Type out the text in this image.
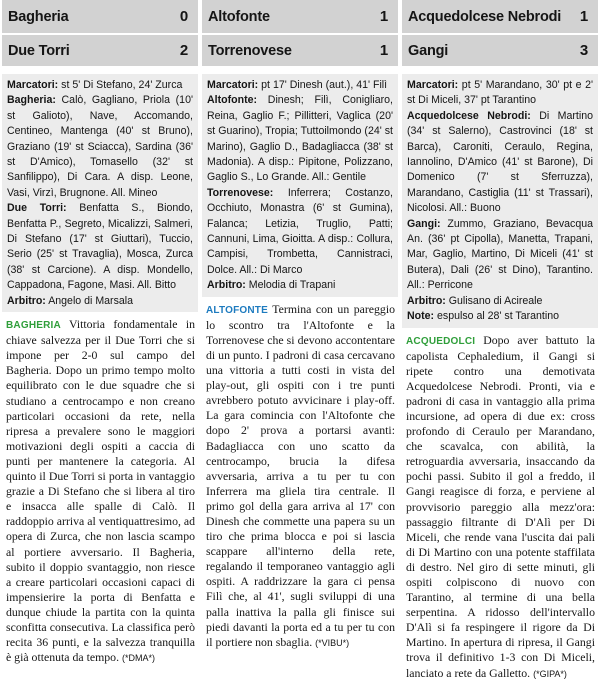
Bagheria	0
Due Torri	2

Marcatori: st 5' Di Stefano, 24' Zurca

Bagheria: Calò, Gagliano, Priola (10' st Galioto), Nave, Accomando, Centineo, Mantenga (40' st Bruno), Graziano (19' st Sciacca), Sardina (36' st D'Amico), Tomasello (32' st Sanfilippo), Di Cara. A disp. Leone, Vasi, Virzì, Brugnone. All. Mineo

Due Torri: Benfatta S., Biondo, Benfatta P., Segreto, Micalizzi, Salmeri, Di Stefano (17' st Giuttari), Tuccio, Serio (25' st Travaglia), Mosca, Zurca (38' st Carcione). A disp. Mondello, Cappadona, Fagone, Masi. All. Bitto

Arbitro: Angelo di Marsala

BAGHERIA Vittoria fondamentale in chiave salvezza per il Due Torri che si impone per 2-0 sul campo del Bagheria. Dopo un primo tempo molto equilibrato con le due squadre che si studiano a centrocampo e non creano particolari occasioni da rete, nella ripresa a prevalere sono le maggiori motivazioni degli ospiti a caccia di punti per mantenere la categoria. Al quinto il Due Torri si porta in vantaggio grazie a Di Stefano che si libera al tiro e insacca alle spalle di Calò. Il raddoppio arriva al ventiquattresimo, ad opera di Zurca, che non lascia scampo al portiere avversario. Il Bagheria, subito il doppio svantaggio, non riesce a creare particolari occasioni capaci di impensierire la porta di Benfatta e dunque chiude la partita con la quinta sconfitta consecutiva. La classifica però recita 36 punti, e la salvezza tranquilla è già ottenuta da tempo. (*DMA*)
Altofonte	1
Torrenovese	1

Marcatori: pt 17' Dinesh (aut.), 41' Filì

Altofonte: Dinesh; Filì, Conigliaro, Reina, Gaglio F.; Pillitteri, Vaglica (20' st Guarino), Tropia; Tuttoilmondo (24' st Marino), Gaglio D., Badagliacca (38' st Madonia). A disp.: Pipitone, Polizzano, Gaglio S., Lo Grande. All.: Gentile

Torrenovese: Inferrera; Costanzo, Occhiuto, Monastra (6' st Gumina), Falanca; Letizia, Truglio, Patti; Cannuni, Lima, Gioitta. A disp.: Collura, Campisi, Trombetta, Cannistraci, Dolce. All.: Di Marco

Arbitro: Melodia di Trapani

ALTOFONTE Termina con un pareggio lo scontro tra l'Altofonte e la Torrenovese che si devono accontentare di un punto. I padroni di casa cercavano una vittoria a tutti costi in vista del play-out, gli ospiti con i tre punti avrebbero potuto avvicinare i play-off. La gara comincia con l'Altofonte che dopo 2' prova a portarsi avanti: Badagliacca con uno scatto da centrocampo, brucia la difesa avversaria, arriva a tu per tu con Inferrera ma gliela tira centrale. Il primo gol della gara arriva al 17' con Dinesh che commette una papera su un tiro che prima blocca e poi si lascia scappare all'interno della rete, regalando il temporaneo vantaggio agli ospiti. A raddrizzare la gara ci pensa Filì che, al 41', sugli sviluppi di una palla inattiva la palla gli finisce sui piedi davanti la porta ed a tu per tu con il portiere non sbaglia. (*VIBU*)
Acquedolcese Nebrodi 1
Gangi	3

Marcatori: pt 5' Marandano, 30' pt e 2' st Di Miceli, 37' pt Tarantino

Acquedolcese Nebrodi: Di Martino (34' st Salerno), Castrovinci (18' st Barca), Caroniti, Ceraulo, Regina, Iannolino, D'Amico (41' st Barone), Di Domenico (7' st Sferruzza), Marandano, Castiglia (11' st Trassari), Nicolosi. All.: Buono

Gangi: Zummo, Graziano, Bevacqua An. (36' pt Cipolla), Manetta, Trapani, Mar, Gaglio, Martino, Di Miceli (41' st Butera), Dali (26' st Dino), Tarantino. All.: Perricone

Arbitro: Gulisano di Acireale

Note: espulso al 28' st Tarantino

ACQUEDOLCI Dopo aver battuto la capolista Cephaledium, il Gangi si ripete contro una demotivata Acquedolcese Nebrodi. Pronti, via e padroni di casa in vantaggio alla prima incursione, ad opera di due ex: cross profondo di Ceraulo per Marandano, che scavalca, con abilità, la retroguardia avversaria, insaccando da pochi passi. Subito il gol a freddo, il Gangi reagisce di forza, e perviene al provvisorio pareggio alla mezz'ora: passaggio filtrante di D'Alì per Di Miceli, che rende vana l'uscita dai pali di Di Martino con una potente staffilata di destro. Nel giro di sette minuti, gli ospiti colpiscono di nuovo con Tarantino, al termine di una bella serpentina. A ridosso dell'intervallo D'Alì si fa respingere il rigore da Di Martino. In apertura di ripresa, il Gangi trova il definitivo 1-3 con Di Miceli, lanciato a rete da Galletto. (*GIPA*)
